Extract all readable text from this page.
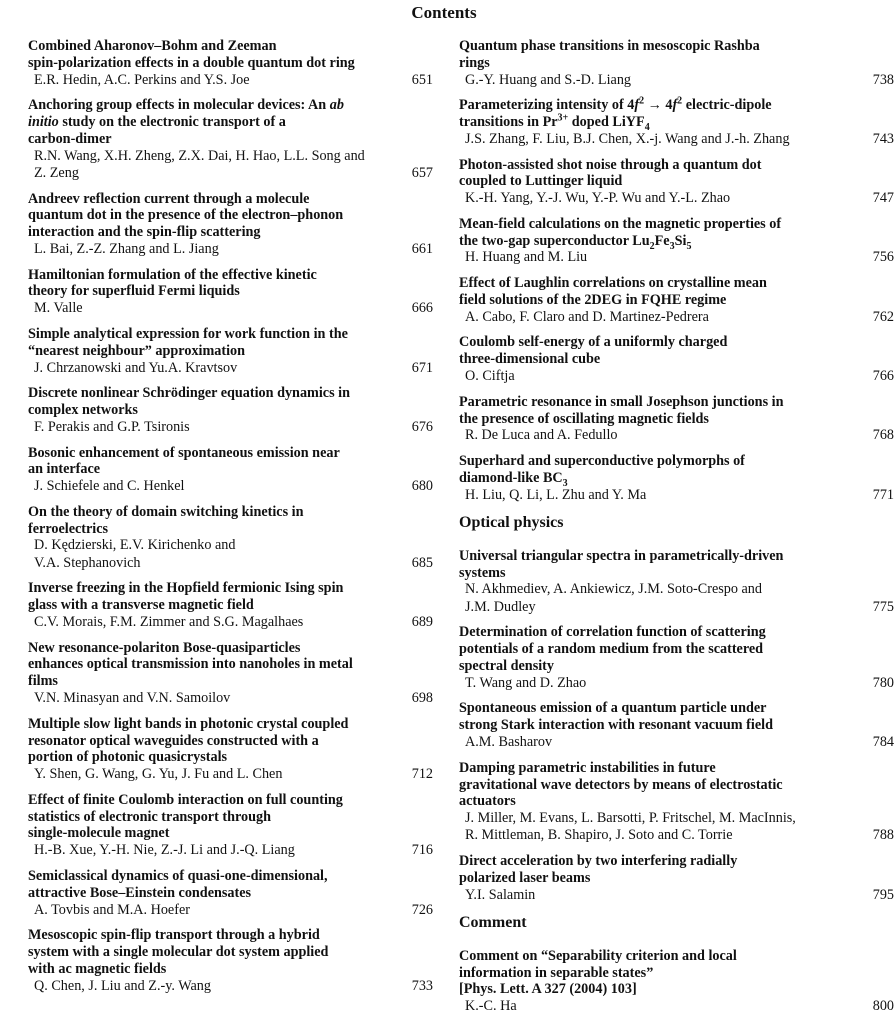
Contents
Combined Aharonov–Bohm and Zeeman
spin-polarization effects in a double quantum dot ring
E.R. Hedin, A.C. Perkins and Y.S. Joe	651
Anchoring group effects in molecular devices: An ab
initio study on the electronic transport of a
carbon-dimer
R.N. Wang, X.H. Zheng, Z.X. Dai, H. Hao, L.L. Song and
Z. Zeng	657
Andreev reflection current through a molecule
quantum dot in the presence of the electron–phonon
interaction and the spin-flip scattering
L. Bai, Z.-Z. Zhang and L. Jiang	661
Hamiltonian formulation of the effective kinetic
theory for superfluid Fermi liquids
M. Valle	666
Simple analytical expression for work function in the
“nearest neighbour” approximation
J. Chrzanowski and Yu.A. Kravtsov	671
Discrete nonlinear Schrödinger equation dynamics in
complex networks
F. Perakis and G.P. Tsironis	676
Bosonic enhancement of spontaneous emission near
an interface
J. Schiefele and C. Henkel	680
On the theory of domain switching kinetics in
ferroelectrics
D. Kędzierski, E.V. Kirichenko and
V.A. Stephanovich	685
Inverse freezing in the Hopfield fermionic Ising spin
glass with a transverse magnetic field
C.V. Morais, F.M. Zimmer and S.G. Magalhaes	689
New resonance-polariton Bose-quasiparticles
enhances optical transmission into nanoholes in metal
films
V.N. Minasyan and V.N. Samoilov	698
Multiple slow light bands in photonic crystal coupled
resonator optical waveguides constructed with a
portion of photonic quasicrystals
Y. Shen, G. Wang, G. Yu, J. Fu and L. Chen	712
Effect of finite Coulomb interaction on full counting
statistics of electronic transport through
single-molecule magnet
H.-B. Xue, Y.-H. Nie, Z.-J. Li and J.-Q. Liang	716
Semiclassical dynamics of quasi-one-dimensional,
attractive Bose–Einstein condensates
A. Tovbis and M.A. Hoefer	726
Mesoscopic spin-flip transport through a hybrid
system with a single molecular dot system applied
with ac magnetic fields
Q. Chen, J. Liu and Z.-y. Wang	733
Quantum phase transitions in mesoscopic Rashba
rings
G.-Y. Huang and S.-D. Liang	738
Parameterizing intensity of $4f^2 \to 4f^2$ electric-dipole
transitions in $Pr^{3+}$ doped LiYF$_4$
J.S. Zhang, F. Liu, B.J. Chen, X.-j. Wang and J.-h. Zhang	743
Photon-assisted shot noise through a quantum dot
coupled to Luttinger liquid
K.-H. Yang, Y.-J. Wu, Y.-P. Wu and Y.-L. Zhao	747
Mean-field calculations on the magnetic properties of
the two-gap superconductor $Lu_2Fe_3Si_5$
H. Huang and M. Liu	756
Effect of Laughlin correlations on crystalline mean
field solutions of the 2DEG in FQHE regime
A. Cabo, F. Claro and D. Martinez-Pedrera	762
Coulomb self-energy of a uniformly charged
three-dimensional cube
O. Ciftja	766
Parametric resonance in small Josephson junctions in
the presence of oscillating magnetic fields
R. De Luca and A. Fedullo	768
Superhard and superconductive polymorphs of
diamond-like $BC_3$
H. Liu, Q. Li, L. Zhu and Y. Ma	771
Optical physics
Universal triangular spectra in parametrically-driven
systems
N. Akhmediev, A. Ankiewicz, J.M. Soto-Crespo and
J.M. Dudley	775
Determination of correlation function of scattering
potentials of a random medium from the scattered
spectral density
T. Wang and D. Zhao	780
Spontaneous emission of a quantum particle under
strong Stark interaction with resonant vacuum field
A.M. Basharov	784
Damping parametric instabilities in future
gravitational wave detectors by means of electrostatic
actuators
J. Miller, M. Evans, L. Barsotti, P. Fritschel, M. MacInnis,
R. Mittleman, B. Shapiro, J. Soto and C. Torrie	788
Direct acceleration by two interfering radially
polarized laser beams
Y.I. Salamin	795
Comment
Comment on “Separability criterion and local
information in separable states”
[Phys. Lett. A 327 (2004) 103]
K.-C. Ha	800
